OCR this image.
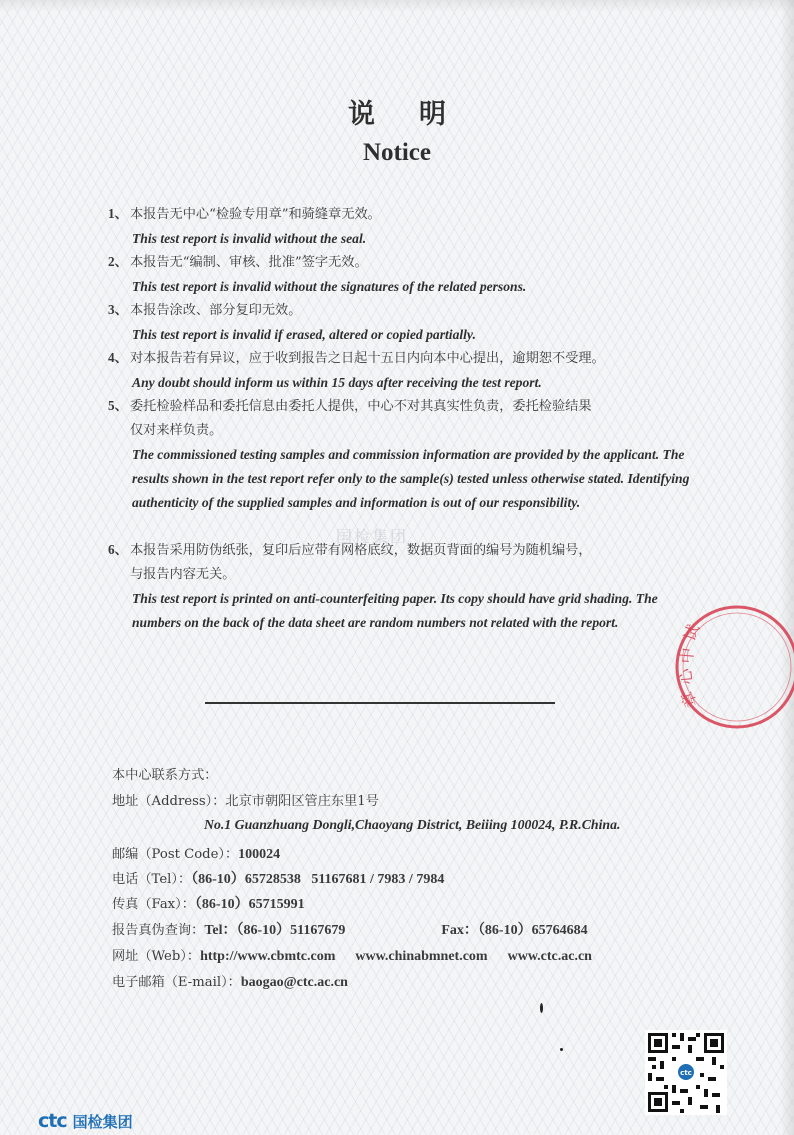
说明
Notice
1、 本报告无中心“检验专用章”和骑缝章无效。
This test report is invalid without the seal.
2、 本报告无“编制、审核、批准”签字无效。
This test report is invalid without the signatures of the related persons.
3、 本报告涂改、部分复印无效。
This test report is invalid if erased, altered or copied partially.
4、 对本报告若有异议，应于收到报告之日起十五日内向本中心提出，逾期恕不受理。
Any doubt should inform us within 15 days after receiving the test report.
5、 委托检验样品和委托信息由委托人提供，中心不对其真实性负责，委托检验结果
仅对来样负责。
The commissioned testing samples and commission information are provided by the applicant. The results shown in the test report refer only to the sample(s) tested unless otherwise stated. Identifying authenticity of the supplied samples and information is out of our responsibility.
6、 本报告采用防伪纸张，复印后应带有网格底纹，数据页背面的编号为随机编号，
与报告内容无关。
This test report is printed on anti-counterfeiting paper. Its copy should have grid shading. The numbers on the back of the data sheet are random numbers not related with the report.
国检集团
试
中
心
章
本中心联系方式：
地址（Address）：北京市朝阳区管庄东里1号
No.1 Guanzhuang Dongli,Chaoyang District, Beiiing 100024, P.R.China.
邮编（Post Code）：100024
电话（Tel）：（86-10）65728538   51167681 / 7983 / 7984
传真（Fax）：（86-10）65715991
报告真伪查询：Tel：（86-10）51167679	Fax：（86-10）65764684
网址（Web）：http://www.cbmtc.com www.chinabmnet.com www.ctc.ac.cn
电子邮箱（E-mail）：baogao@ctc.ac.cn
ctc
ctc 国检集团
